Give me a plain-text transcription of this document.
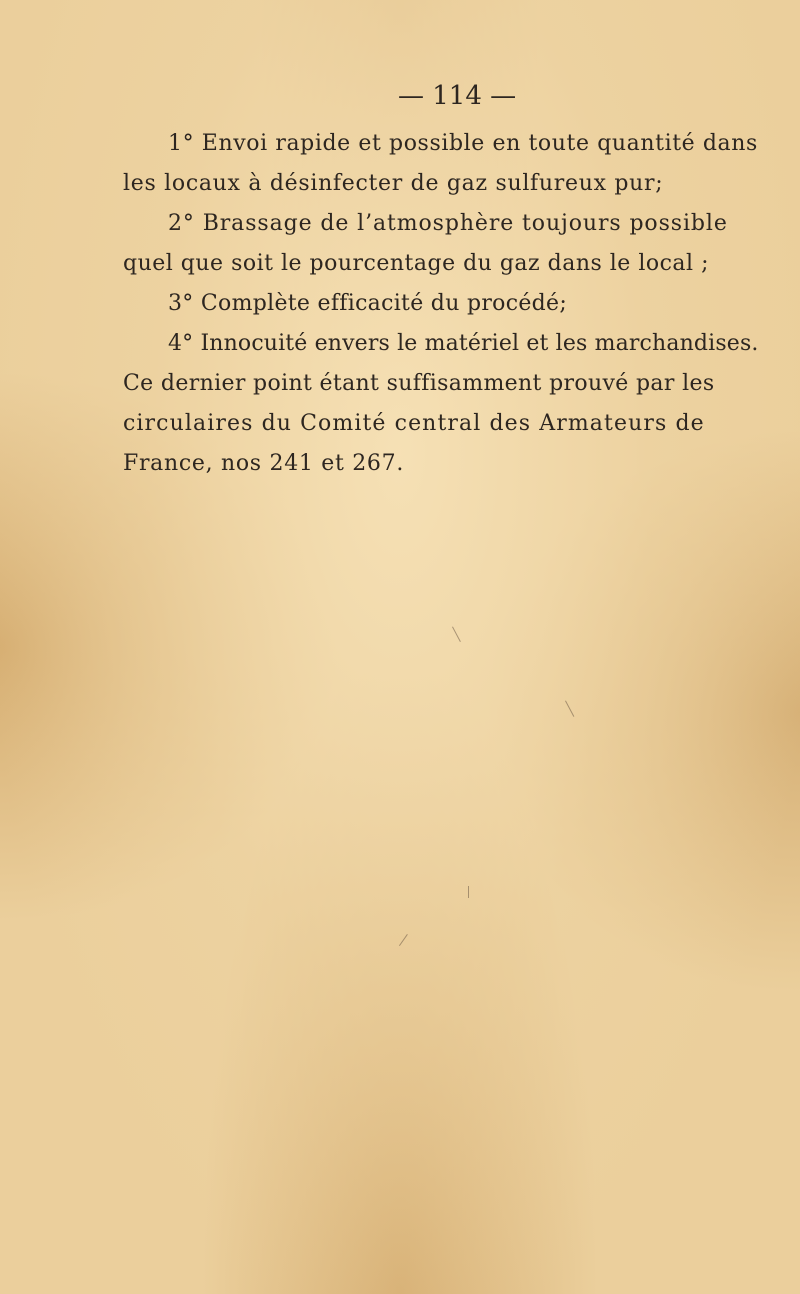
— 114 —
1° Envoi rapide et possible en toute quantité dans
les locaux à désinfecter de gaz sulfureux pur;
2° Brassage de l’atmosphère toujours possible
quel que soit le pourcentage du gaz dans le local ;
3° Complète efficacité du procédé;
4° Innocuité envers le matériel et les marchandises.
Ce dernier point étant suffisamment prouvé par les
circulaires du Comité central des Armateurs de
France, nos 241 et 267.
